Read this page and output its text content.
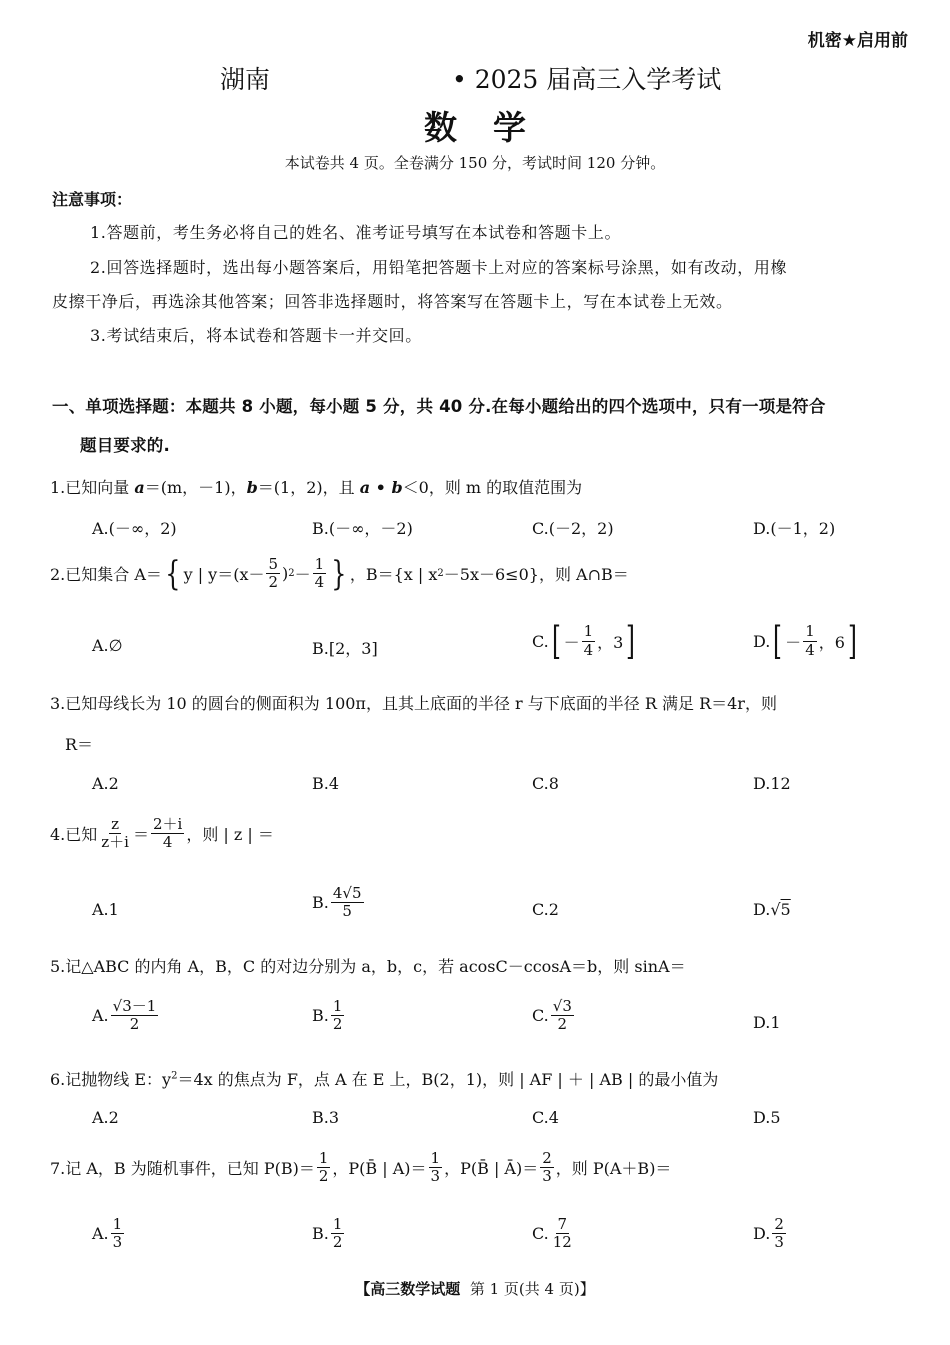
机密★启用前
湖南	• 2025 届高三入学考试
数学
本试卷共 4 页。全卷满分 150 分，考试时间 120 分钟。
注意事项：
1.答题前，考生务必将自己的姓名、准考证号填写在本试卷和答题卡上。
2.回答选择题时，选出每小题答案后，用铅笔把答题卡上对应的答案标号涂黑，如有改动，用橡
皮擦干净后，再选涂其他答案；回答非选择题时，将答案写在答题卡上，写在本试卷上无效。
3.考试结束后，将本试卷和答题卡一并交回。
一、单项选择题：本题共 8 小题，每小题 5 分，共 40 分.在每小题给出的四个选项中，只有一项是符合
题目要求的.
1.已知向量 a＝(m，－1)，b＝(1，2)，且 a • b＜0，则 m 的取值范围为
A.(－∞，2)	B.(－∞，－2)	C.(－2，2)	D.(－1，2)
2.已知集合 A＝ { y | $y=(x- \frac{5}{2}$ ) $2 - \frac{1}{4}$ } ，B＝{x | x 2 －5x－6≤0}，则 A∩B＝
A.∅	B.[2，3]	C. [ － $\frac{1}{4}$ ，3 ]	D. [ － $\frac{1}{4}$ ，6 ]
3.已知母线长为 10 的圆台的侧面积为 100π，且其上底面的半径 r 与下底面的半径 R 满足 R＝4r，则
R＝
A.2	B.4	C.8	D.12
4.已知 $\frac{z}{z+i} = \frac{2+i}{4}$ ，则 | z | ＝
A.1	B. $\frac{4√5}{5}$	C.2	D.√5
5.记△ABC 的内角 A，B，C 的对边分别为 a，b，c，若 acosC－ccosA＝b，则 sinA＝
A. $\frac{√3-1}{2}$	B. $\frac{1}{2}$	C. $\frac{√3}{2}$	D.1
6.记抛物线 E：$y^2=4x$ 的焦点为 F，点 A 在 E 上，B(2，1)，则 | AF | ＋ | AB | 的最小值为
A.2	B.3	C.4	D.5
7.记 A，B 为随机事件，已知 $P(B)= \frac{1}{2}$ ，P(B̄ | $A)= \frac{1}{3}$ ，P(B̄ | Ā)＝ $\frac{2}{3}$ ，则 P(A＋B)＝
A. $\frac{1}{3}$	B. $\frac{1}{2}$	C. $\frac{7}{12}$	D. $\frac{2}{3}$
【高三数学试题 第 1 页(共 4 页)】
